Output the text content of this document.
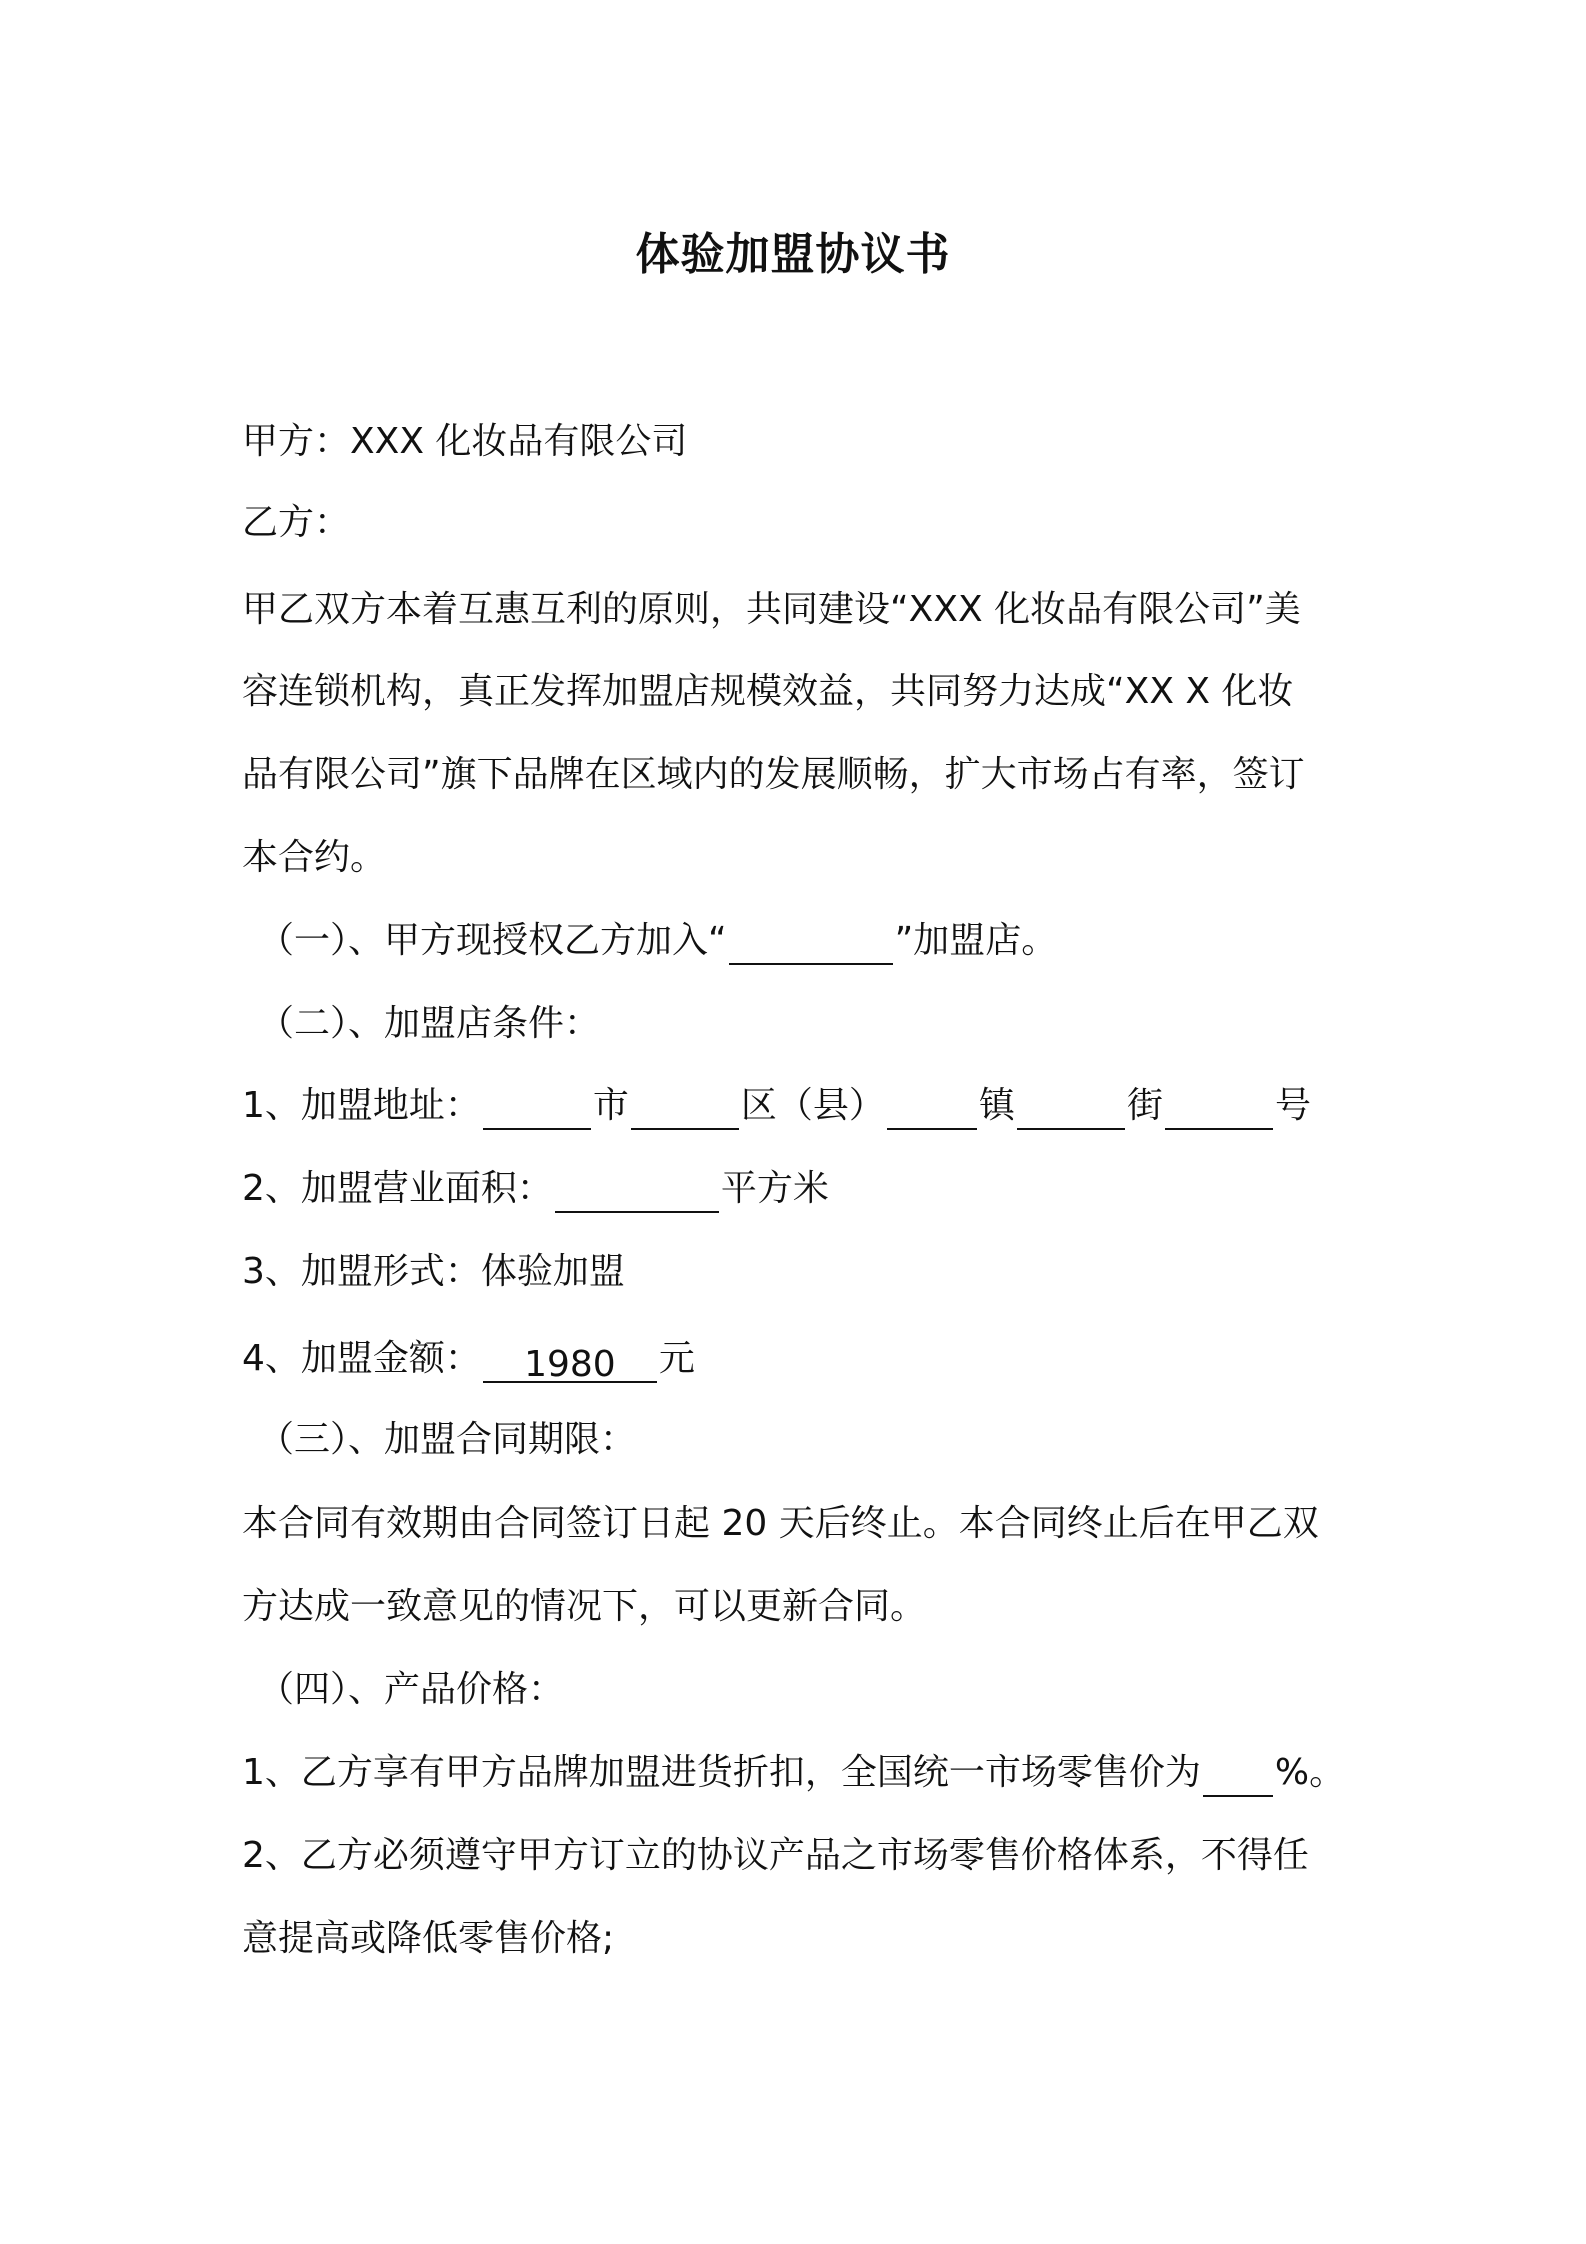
体验加盟协议书
甲方：XXX 化妆品有限公司
乙方：
甲乙双方本着互惠互利的原则，共同建设“XXX 化妆品有限公司”美
容连锁机构，真正发挥加盟店规模效益，共同努力达成“XX X 化妆
品有限公司”旗下品牌在区域内的发展顺畅，扩大市场占有率，签订
本合约。
（一）、甲方现授权乙方加入“	”加盟店。
（二）、加盟店条件：
1、加盟地址：	市	区（县）	镇	街	号
2、加盟营业面积：	平方米
3、加盟形式：体验加盟
4、加盟金额： 1980 元
（三）、加盟合同期限：
本合同有效期由合同签订日起 20 天后终止。本合同终止后在甲乙双
方达成一致意见的情况下，可以更新合同。
（四）、产品价格：
1、乙方享有甲方品牌加盟进货折扣，全国统一市场零售价为 %。
2、乙方必须遵守甲方订立的协议产品之市场零售价格体系，不得任
意提高或降低零售价格;
